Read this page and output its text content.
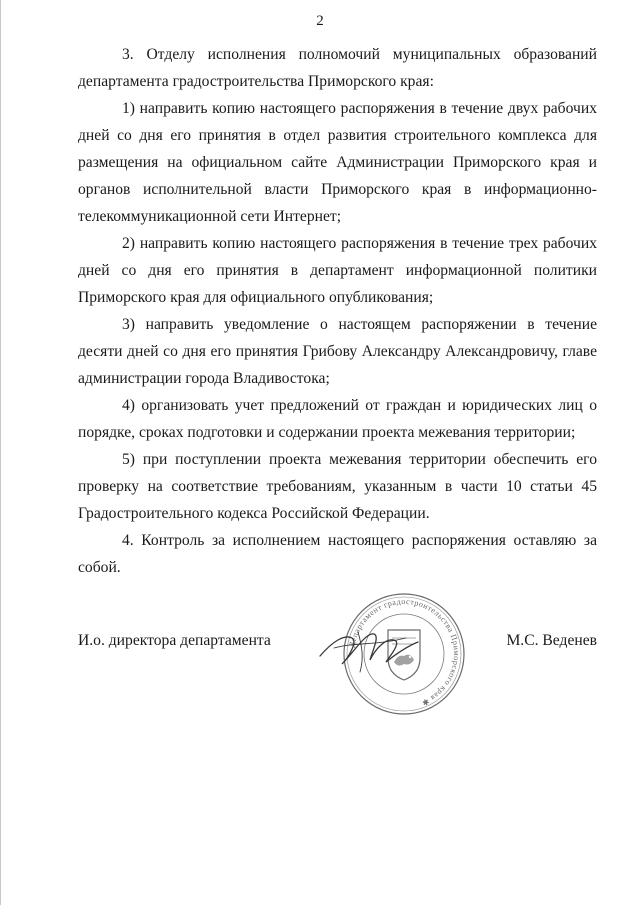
2

3. Отделу исполнения полномочий муниципальных образований департамента градостроительства Приморского края:

1) направить копию настоящего распоряжения в течение двух рабочих дней со дня его принятия в отдел развития строительного комплекса для размещения на официальном сайте Администрации Приморского края и органов исполнительной власти Приморского края в информационно-телекоммуникационной сети Интернет;

2) направить копию настоящего распоряжения в течение трех рабочих дней со дня его принятия в департамент информационной политики Приморского края для официального опубликования;

3) направить уведомление о настоящем распоряжении в течение десяти дней со дня его принятия Грибову Александру Александровичу, главе администрации города Владивостока;

4) организовать учет предложений от граждан и юридических лиц о порядке, сроках подготовки и содержании проекта межевания территории;

5) при поступлении проекта межевания территории обеспечить его проверку на соответствие требованиям, указанным в части 10 статьи 45 Градостроительного кодекса Российской Федерации.

4. Контроль за исполнением настоящего распоряжения оставляю за собой.

И.о. директора департамента	Департамент градостроительства Приморского края ✱
М.С. Веденев
